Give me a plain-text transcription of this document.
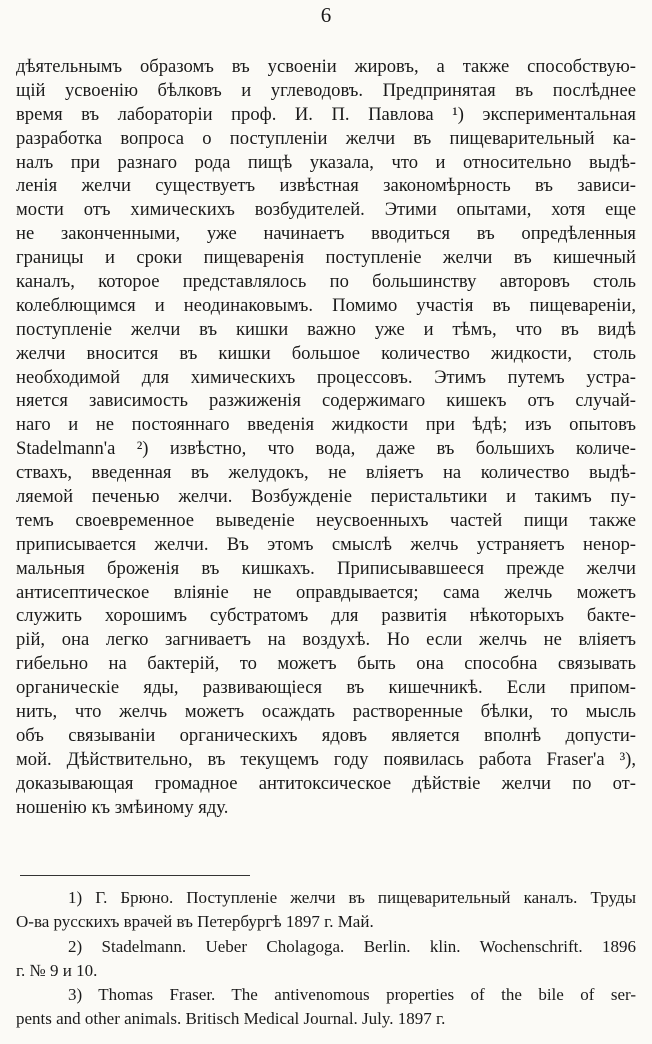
6
дѣятельнымъ образомъ въ усвоеніи жировъ, а также способствую-
щій усвоенію бѣлковъ и углеводовъ. Предпринятая въ послѣднее
время въ лабораторіи проф. И. П. Павлова ¹) экспериментальная
разработка вопроса о поступленіи желчи въ пищеварительный ка-
налъ при разнаго рода пищѣ указала, что и относительно выдѣ-
ленія желчи существуетъ извѣстная закономѣрность въ зависи-
мости отъ химическихъ возбудителей. Этими опытами, хотя еще
не законченными, уже начинаетъ вводиться въ опредѣленныя
границы и сроки пищеваренія поступленіе желчи въ кишечный
каналъ, которое представлялось по большинству авторовъ столь
колеблющимся и неодинаковымъ. Помимо участія въ пищевареніи,
поступленіе желчи въ кишки важно уже и тѣмъ, что въ видѣ
желчи вносится въ кишки большое количество жидкости, столь
необходимой для химическихъ процессовъ. Этимъ путемъ устра-
няется зависимость разжиженія содержимаго кишекъ отъ случай-
наго и не постояннаго введенія жидкости при ѣдѣ; изъ опытовъ
Stadelmann'a ²) извѣстно, что вода, даже въ большихъ количе-
ствахъ, введенная въ желудокъ, не вліяетъ на количество выдѣ-
ляемой печенью желчи. Возбужденіе перистальтики и такимъ пу-
темъ своевременное выведеніе неусвоенныхъ частей пищи также
приписывается желчи. Въ этомъ смыслѣ желчь устраняетъ ненор-
мальныя броженія въ кишкахъ. Приписывавшееся прежде желчи
антисептическое вліяніе не оправдывается; сама желчь можетъ
служить хорошимъ субстратомъ для развитія нѣкоторыхъ бакте-
рій, она легко загниваетъ на воздухѣ. Но если желчь не вліяетъ
гибельно на бактерій, то можетъ быть она способна связывать
органическіе яды, развивающіеся въ кишечникѣ. Если припом-
нить, что желчь можетъ осаждать растворенные бѣлки, то мысль
объ связываніи органическихъ ядовъ является вполнѣ допусти-
мой. Дѣйствительно, въ текущемъ году появилась работа Fraser'a ³),
доказывающая громадное антитоксическое дѣйствіе желчи по от-
ношенію къ змѣиному яду.
1) Г. Брюно. Поступленіе желчи въ пищеварительный каналъ. Труды
О-ва русскихъ врачей въ Петербургѣ 1897 г. Май.
2) Stadelmann. Ueber Cholagoga. Berlin. klin. Wochenschrift. 1896
г. № 9 и 10.
3) Thomas Fraser. The antivenomous properties of the bile of ser-
pents and other animals. Britisch Medical Journal. July. 1897 г.
